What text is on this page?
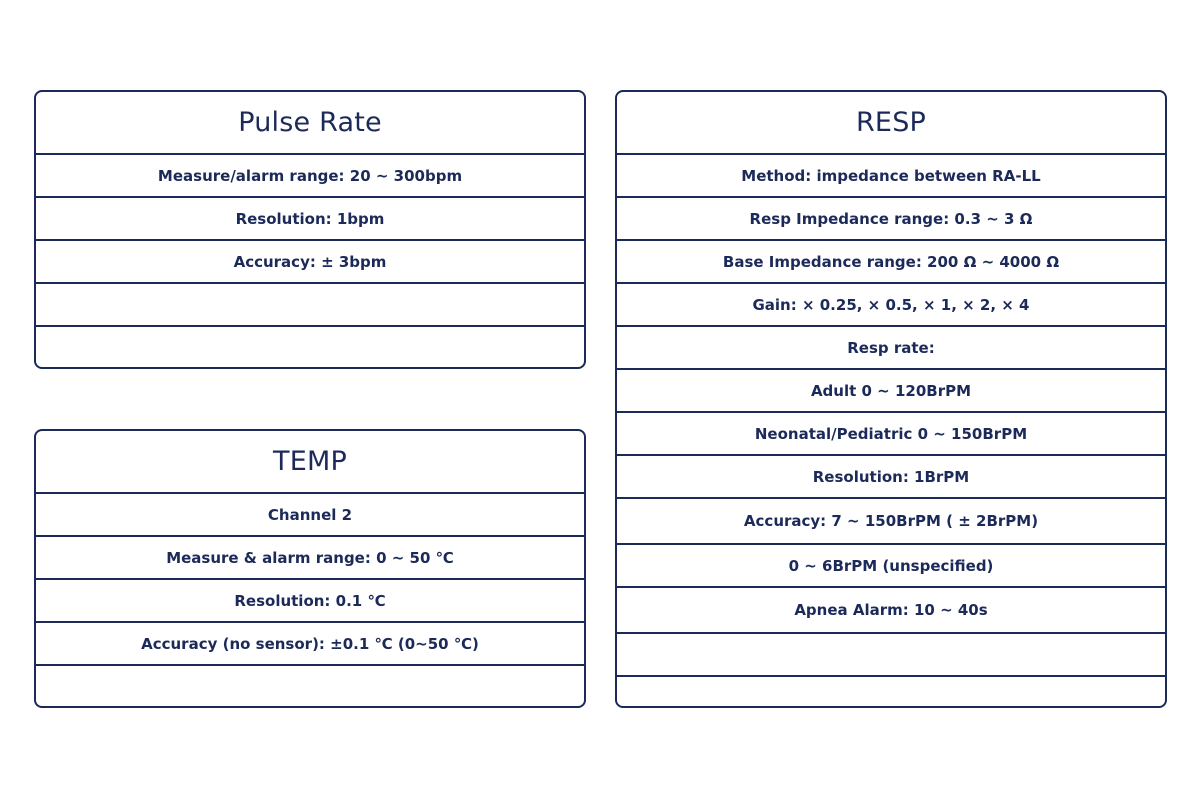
Pulse Rate
Measure/alarm range: 20 ~ 300bpm
Resolution: 1bpm
Accuracy: ± 3bpm
TEMP
Channel 2
Measure & alarm range: 0 ~ 50 ℃
Resolution: 0.1 ℃
Accuracy (no sensor): ±0.1 ℃ (0~50 ℃)
RESP
Method: impedance between RA-LL
Resp Impedance range: 0.3 ~ 3 Ω
Base Impedance range: 200 Ω ~ 4000 Ω
Gain: × 0.25, × 0.5, × 1, × 2, × 4
Resp rate:
Adult 0 ~ 120BrPM
Neonatal/Pediatric 0 ~ 150BrPM
Resolution: 1BrPM
Accuracy: 7 ~ 150BrPM ( ± 2BrPM)
0 ~ 6BrPM (unspecified)
Apnea Alarm: 10 ~ 40s
